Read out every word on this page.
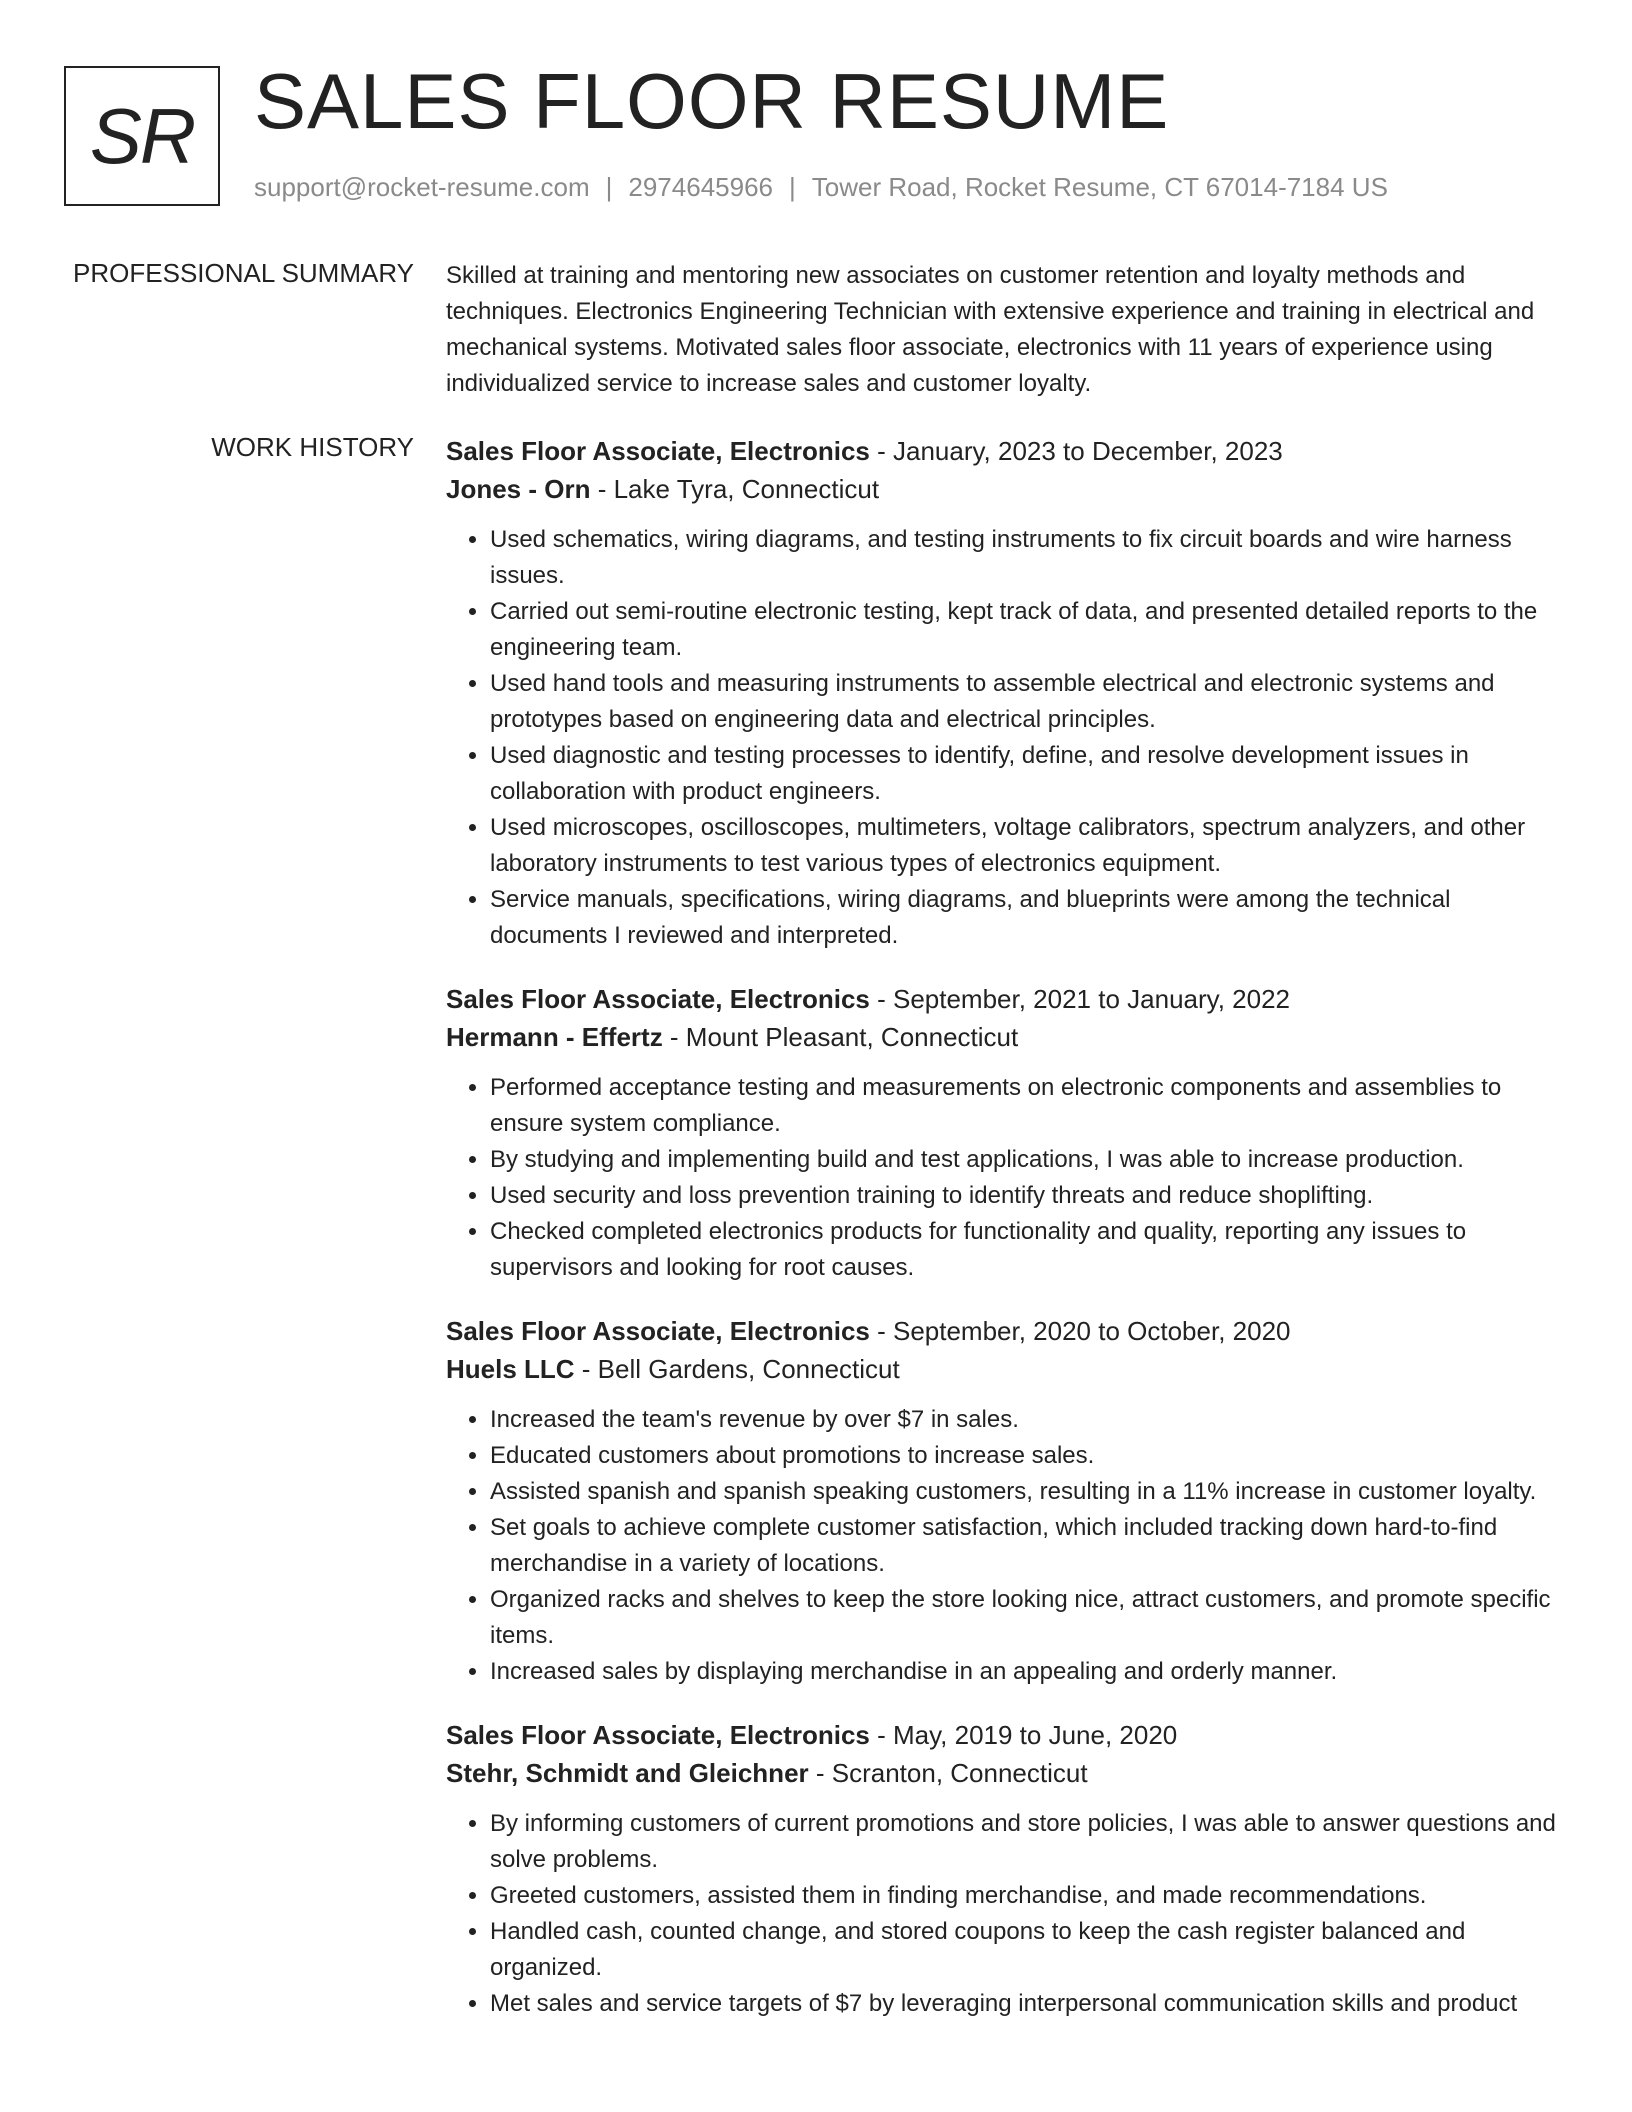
SR SALES FLOOR RESUME
support@rocket-resume.com | 2974645966 | Tower Road, Rocket Resume, CT 67014-7184 US
PROFESSIONAL SUMMARY Skilled at training and mentoring new associates on customer retention and loyalty methods and techniques. Electronics Engineering Technician with extensive experience and training in electrical and mechanical systems. Motivated sales floor associate, electronics with 11 years of experience using individualized service to increase sales and customer loyalty.

WORK HISTORY Sales Floor Associate, Electronics - January, 2023 to December, 2023
Jones - Orn - Lake Tyra, Connecticut
• Used schematics, wiring diagrams, and testing instruments to fix circuit boards and wire harness issues.
• Carried out semi-routine electronic testing, kept track of data, and presented detailed reports to the engineering team.
• Used hand tools and measuring instruments to assemble electrical and electronic systems and prototypes based on engineering data and electrical principles.
• Used diagnostic and testing processes to identify, define, and resolve development issues in collaboration with product engineers.
• Used microscopes, oscilloscopes, multimeters, voltage calibrators, spectrum analyzers, and other laboratory instruments to test various types of electronics equipment.
• Service manuals, specifications, wiring diagrams, and blueprints were among the technical documents I reviewed and interpreted.
Sales Floor Associate, Electronics - September, 2021 to January, 2022
Hermann - Effertz - Mount Pleasant, Connecticut
• Performed acceptance testing and measurements on electronic components and assemblies to ensure system compliance.
• By studying and implementing build and test applications, I was able to increase production.
• Used security and loss prevention training to identify threats and reduce shoplifting.
• Checked completed electronics products for functionality and quality, reporting any issues to supervisors and looking for root causes.
Sales Floor Associate, Electronics - September, 2020 to October, 2020
Huels LLC - Bell Gardens, Connecticut
• Increased the team's revenue by over $7 in sales.
• Educated customers about promotions to increase sales.
• Assisted spanish and spanish speaking customers, resulting in a 11% increase in customer loyalty.
• Set goals to achieve complete customer satisfaction, which included tracking down hard-to-find merchandise in a variety of locations.
• Organized racks and shelves to keep the store looking nice, attract customers, and promote specific items.
• Increased sales by displaying merchandise in an appealing and orderly manner.
Sales Floor Associate, Electronics - May, 2019 to June, 2020
Stehr, Schmidt and Gleichner - Scranton, Connecticut
• By informing customers of current promotions and store policies, I was able to answer questions and solve problems.
• Greeted customers, assisted them in finding merchandise, and made recommendations.
• Handled cash, counted change, and stored coupons to keep the cash register balanced and organized.
• Met sales and service targets of $7 by leveraging interpersonal communication skills and product
